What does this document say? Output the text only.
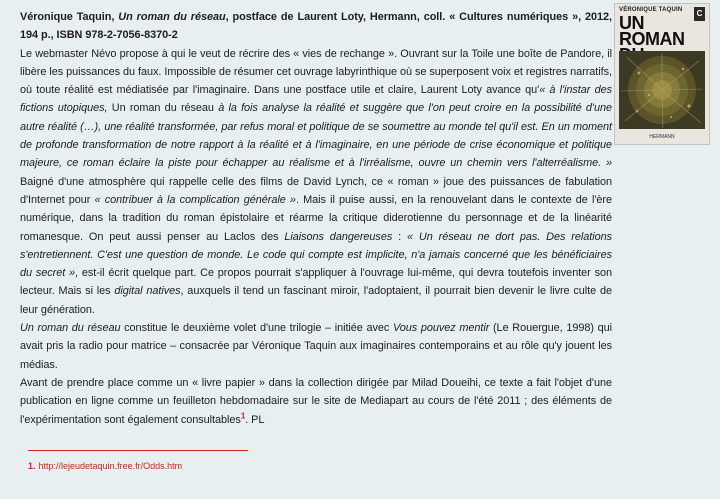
Véronique Taquin, Un roman du réseau, postface de Laurent Loty, Hermann, coll. « Cultures numériques », 2012, 194 p., ISBN 978-2-7056-8370-2

Le webmaster Névo propose à qui le veut de récrire des « vies de rechange ». Ouvrant sur la Toile une boîte de Pandore, il libère les puissances du faux. Impossible de résumer cet ouvrage labyrinthique où se superposent voix et registres narratifs, où toute réalité est médiatisée par l'imaginaire. Dans une postface utile et claire, Laurent Loty avance qu'« à l'instar des fictions utopiques, Un roman du réseau à la fois analyse la réalité et suggère que l'on peut croire en la possibilité d'une autre réalité (…), une réalité transformée, par refus moral et politique de se soumettre au monde tel qu'il est. En un moment de profonde transformation de notre rapport à la réalité et à l'imaginaire, en une période de crise économique et politique majeure, ce roman éclaire la piste pour échapper au réalisme et à l'irréalisme, ouvre un chemin vers l'alterréalisme. » Baigné d'une atmosphère qui rappelle celle des films de David Lynch, ce « roman » joue des puissances de fabulation d'Internet pour « contribuer à la complication générale ». Mais il puise aussi, en la renouvelant dans le contexte de l'ère numérique, dans la tradition du roman épistolaire et réarme la critique diderotienne du personnage et de la linéarité romanesque. On peut aussi penser au Laclos des Liaisons dangereuses : « Un réseau ne dort pas. Des relations s'entretiennent. C'est une question de monde. Le code qui compte est implicite, n'a jamais concerné que les bénéficiaires du secret », est-il écrit quelque part. Ce propos pourrait s'appliquer à l'ouvrage lui-même, qui devra toutefois inventer son lecteur. Mais si les digital natives, auxquels il tend un fascinant miroir, l'adoptaient, il pourrait bien devenir le livre culte de leur génération.

Un roman du réseau constitue le deuxième volet d'une trilogie – initiée avec Vous pouvez mentir (Le Rouergue, 1998) qui avait pris la radio pour matrice – consacrée par Véronique Taquin aux imaginaires contemporains et au rôle qu'y jouent les médias.

Avant de prendre place comme un « livre papier » dans la collection dirigée par Milad Doueihi, ce texte a fait l'objet d'une publication en ligne comme un feuilleton hebdomadaire sur le site de Mediapart au cours de l'été 2011 ; des éléments de l'expérimentation sont également consultables$^1$. PL

1. http://lejeudetaquin.free.fr/Odds.htm
VÉRONIQUE TAQUIN	C
UN ROMAN
HERMANN
